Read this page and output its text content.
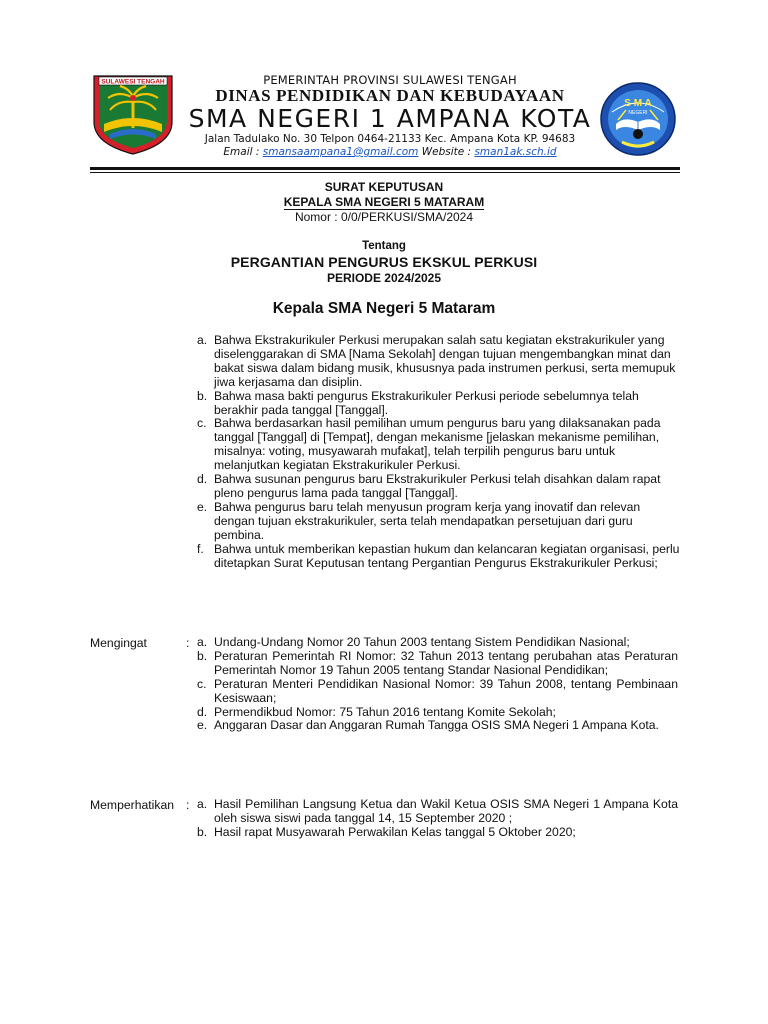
SULAWESI TENGAH	PEMERINTAH PROVINSI SULAWESI TENGAH
DINAS PENDIDIKAN DAN KEBUDAYAAN
SMA NEGERI 1 AMPANA KOTA
Jalan Tadulako No. 30 Telpon 0464-21133 Kec. Ampana Kota KP. 94683
Email : smansaampana1@gmail.com Website : sman1ak.sch.id
S M A
NEGERI
SURAT KEPUTUSAN
KEPALA SMA NEGERI 5 MATARAM
Nomor : 0/0/PERKUSI/SMA/2024
Tentang
PERGANTIAN PENGURUS EKSKUL PERKUSI
PERIODE 2024/2025
Kepala SMA Negeri 5 Mataram
a. Bahwa Ekstrakurikuler Perkusi merupakan salah satu kegiatan ekstrakurikuler yang diselenggarakan di SMA [Nama Sekolah] dengan tujuan mengembangkan minat dan bakat siswa dalam bidang musik, khususnya pada instrumen perkusi, serta memupuk jiwa kerjasama dan disiplin.
b. Bahwa masa bakti pengurus Ekstrakurikuler Perkusi periode sebelumnya telah berakhir pada tanggal [Tanggal].
c. Bahwa berdasarkan hasil pemilihan umum pengurus baru yang dilaksanakan pada tanggal [Tanggal] di [Tempat], dengan mekanisme [jelaskan mekanisme pemilihan, misalnya: voting, musyawarah mufakat], telah terpilih pengurus baru untuk melanjutkan kegiatan Ekstrakurikuler Perkusi.
d. Bahwa susunan pengurus baru Ekstrakurikuler Perkusi telah disahkan dalam rapat pleno pengurus lama pada tanggal [Tanggal].
e. Bahwa pengurus baru telah menyusun program kerja yang inovatif dan relevan dengan tujuan ekstrakurikuler, serta telah mendapatkan persetujuan dari guru pembina.
f. Bahwa untuk memberikan kepastian hukum dan kelancaran kegiatan organisasi, perlu ditetapkan Surat Keputusan tentang Pergantian Pengurus Ekstrakurikuler Perkusi;
Mengingat	: a. Undang-Undang Nomor 20 Tahun 2003 tentang Sistem Pendidikan Nasional;
b. Peraturan Pemerintah RI Nomor: 32 Tahun 2013 tentang perubahan atas Peraturan Pemerintah Nomor 19 Tahun 2005 tentang Standar Nasional Pendidikan;
c. Peraturan Menteri Pendidikan Nasional Nomor: 39 Tahun 2008, tentang Pembinaan Kesiswaan;
d. Permendikbud Nomor: 75 Tahun 2016 tentang Komite Sekolah;
e. Anggaran Dasar dan Anggaran Rumah Tangga OSIS SMA Negeri 1 Ampana Kota.
Memperhatikan : a. Hasil Pemilihan Langsung Ketua dan Wakil Ketua OSIS SMA Negeri 1 Ampana Kota oleh siswa siswi pada tanggal 14, 15 September 2020 ;
b. Hasil rapat Musyawarah Perwakilan Kelas tanggal 5 Oktober 2020;
